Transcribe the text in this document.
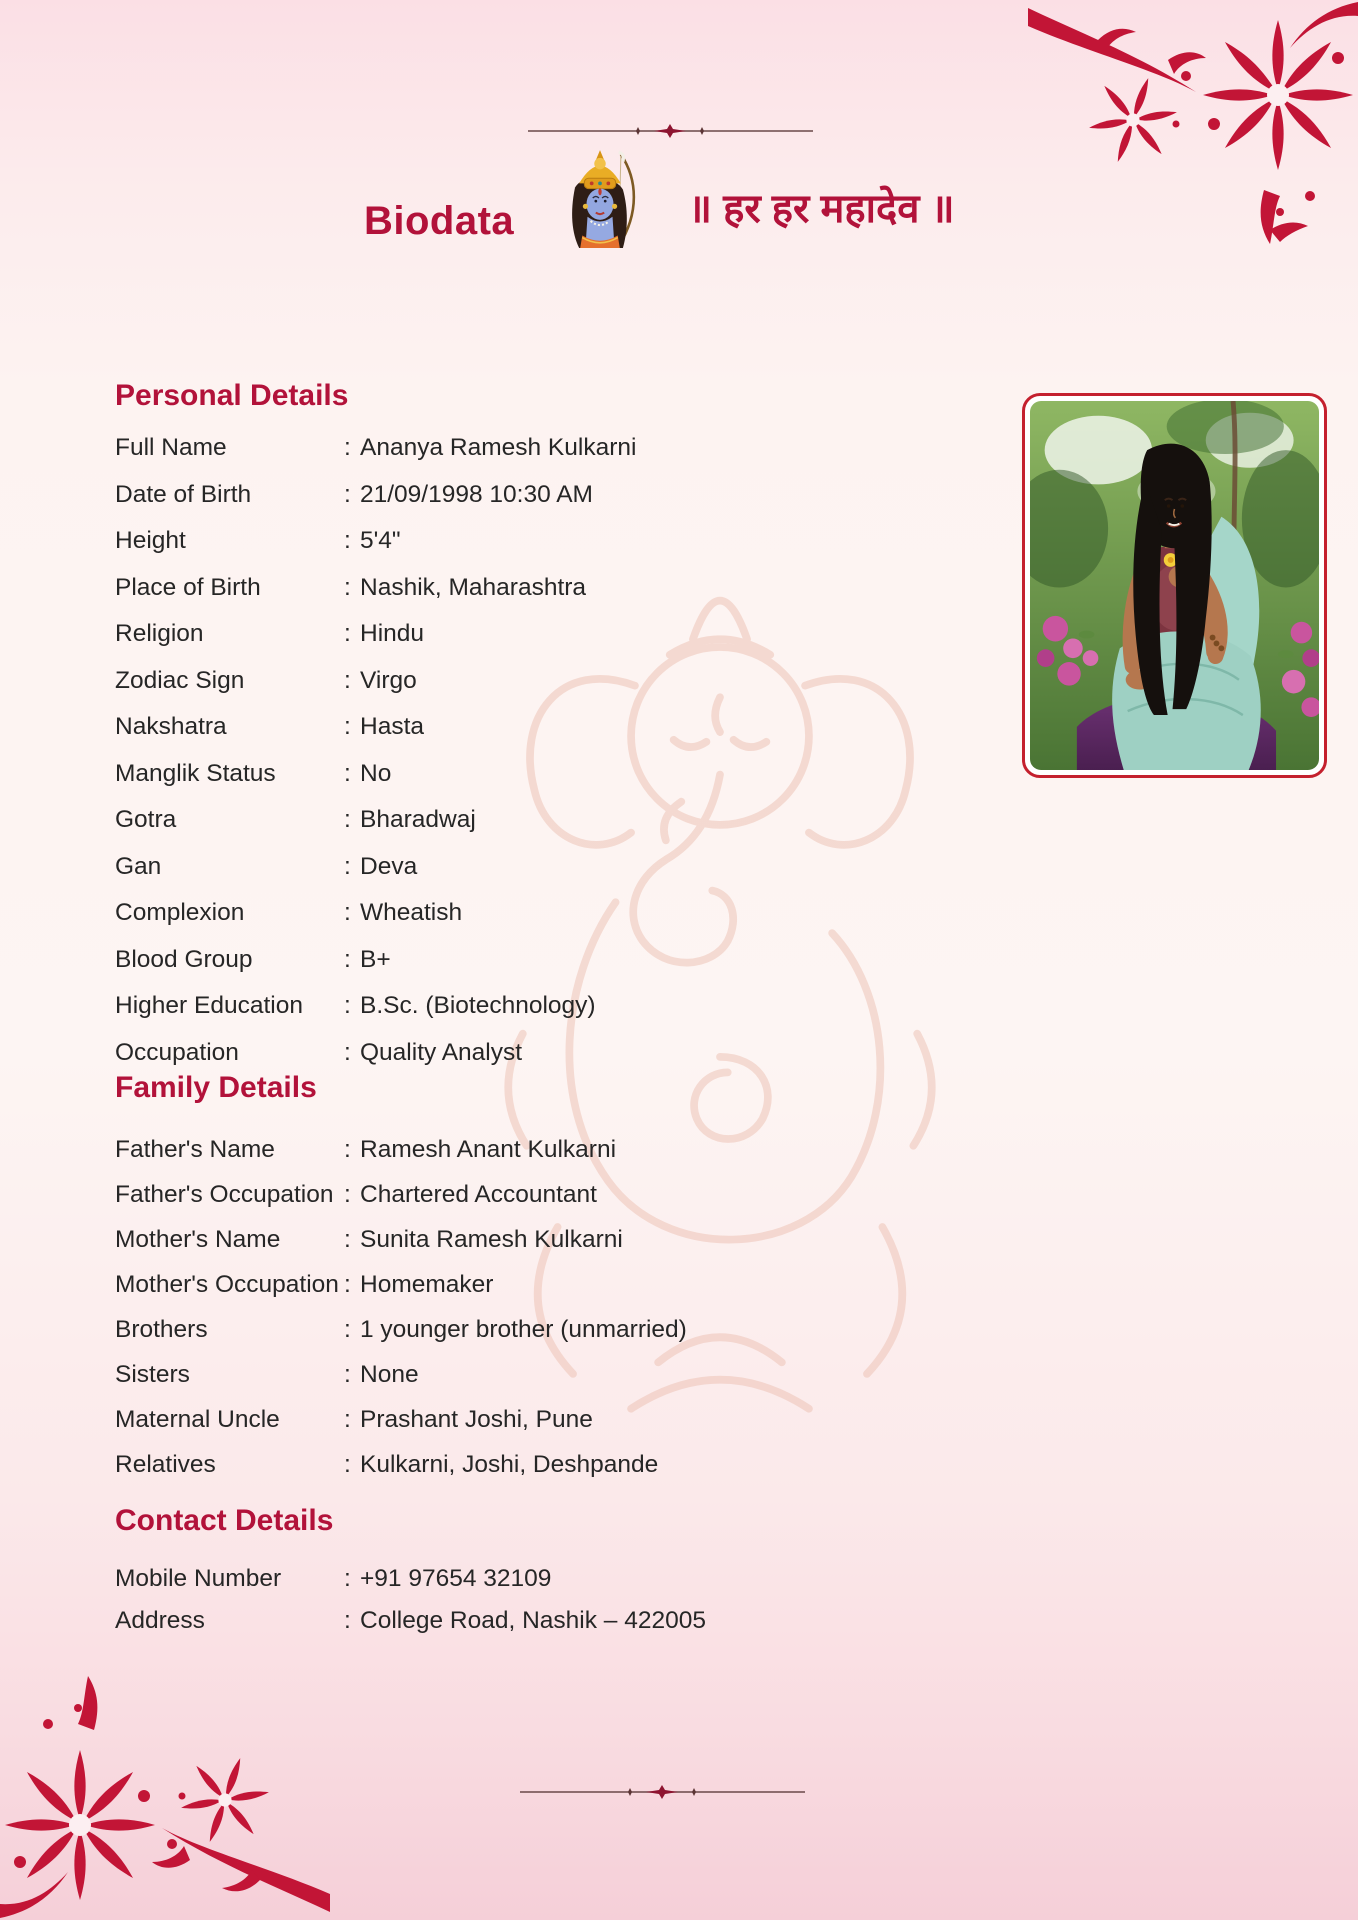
Biodata	॥ हर हर महादेव ॥
Personal Details
Full Name	: Ananya Ramesh Kulkarni
Date of Birth	: 21/09/1998 10:30 AM
Height	: 5'4"
Place of Birth	: Nashik, Maharashtra
Religion	: Hindu
Zodiac Sign	: Virgo
Nakshatra	: Hasta
Manglik Status	: No
Gotra	: Bharadwaj
Gan	: Deva
Complexion	: Wheatish
Blood Group	: B+
Higher Education	: B.Sc. (Biotechnology)
Occupation	: Quality Analyst
Family Details
Father's Name	: Ramesh Anant Kulkarni
Father's Occupation : Chartered Accountant
Mother's Name	: Sunita Ramesh Kulkarni
Mother's Occupation : Homemaker
Brothers	: 1 younger brother (unmarried)
Sisters	: None
Maternal Uncle	: Prashant Joshi, Pune
Relatives	: Kulkarni, Joshi, Deshpande
Contact Details
Mobile Number	: +91 97654 32109
Address	: College Road, Nashik – 422005
